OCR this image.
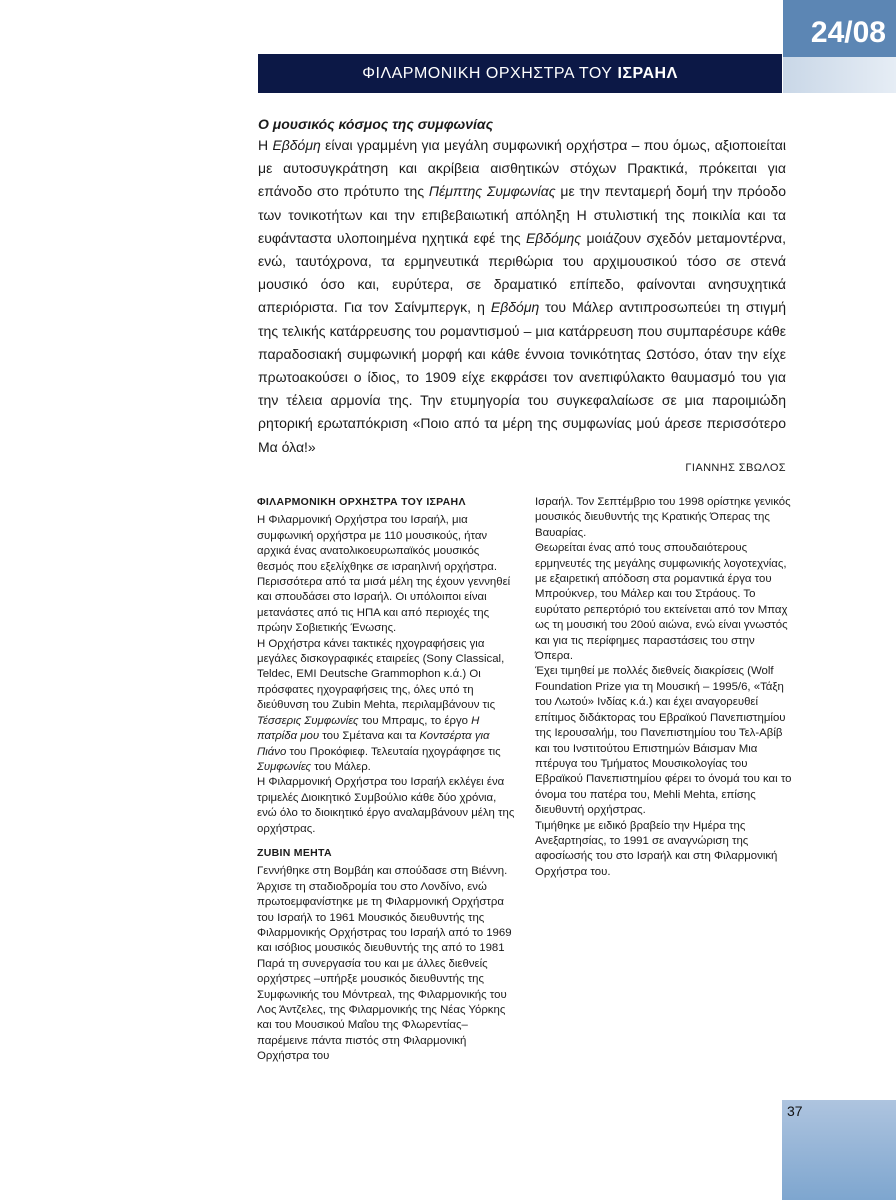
24/08
ΦΙΛΑΡΜΟΝΙΚΗ ΟΡΧΗΣΤΡΑ ΤΟΥ ΙΣΡΑΗΛ
Ο μουσικός κόσμος της συμφωνίας

Η Εβδόμη είναι γραμμένη για μεγάλη συμφωνική ορχήστρα – που όμως, αξιοποιείται με αυτοσυγκράτηση και ακρίβεια αισθητικών στόχων Πρακτικά, πρόκειται για επάνοδο στο πρότυπο της Πέμπτης Συμφωνίας με την πενταμερή δομή την πρόοδο των τονικοτήτων και την επιβεβαιωτική απόληξη Η στυλιστική της ποικιλία και τα ευφάνταστα υλοποιημένα ηχητικά εφέ της Εβδόμης μοιάζουν σχεδόν μεταμοντέρνα, ενώ, ταυτόχρονα, τα ερμηνευτικά περιθώρια του αρχιμουσικού τόσο σε στενά μουσικό όσο και, ευρύτερα, σε δραματικό επίπεδο, φαίνονται ανησυχητικά απεριόριστα. Για τον Σαίνμπεργκ, η Εβδόμη του Μάλερ αντιπροσωπεύει τη στιγμή της τελικής κατάρρευσης του ρομαντισμού – μια κατάρρευση που συμπαρέσυρε κάθε παραδοσιακή συμφωνική μορφή και κάθε έννοια τονικότητας Ωστόσο, όταν την είχε πρωτοακούσει ο ίδιος, το 1909 είχε εκφράσει τον ανεπιφύλακτο θαυμασμό του για την τέλεια αρμονία της. Την ετυμηγορία του συγκεφαλαίωσε σε μια παροιμιώδη ρητορική ερωταπόκριση «Ποιο από τα μέρη της συμφωνίας μού άρεσε περισσότερο Μα όλα!»

ΓΙΑΝΝΗΣ ΣΒΩΛΟΣ
ΦΙΛΑΡΜΟΝΙΚΗ ΟΡΧΗΣΤΡΑ ΤΟΥ ΙΣΡΑΗΛ

Η Φιλαρμονική Ορχήστρα του Ισραήλ, μια συμφωνική ορχήστρα με 110 μουσικούς, ήταν αρχικά ένας ανατολικοευρωπαϊκός μουσικός θεσμός που εξελίχθηκε σε ισραηλινή ορχήστρα. Περισσότερα από τα μισά μέλη της έχουν γεννηθεί και σπουδάσει στο Ισραήλ. Οι υπόλοιποι είναι μετανάστες από τις ΗΠΑ και από περιοχές της πρώην Σοβιετικής Ένωσης.

Η Ορχήστρα κάνει τακτικές ηχογραφήσεις για μεγάλες δισκογραφικές εταιρείες (Sony Classical, Teldec, EMI Deutsche Grammophon κ.ά.) Οι πρόσφατες ηχογραφήσεις της, όλες υπό τη διεύθυνση του Zubin Mehta, περιλαμβάνουν τις Τέσσερις Συμφωνίες του Μπραμς, το έργο Η πατρίδα μου του Σμέτανα και τα Κοντσέρτα για Πιάνο του Προκόφιεφ. Τελευταία ηχογράφησε τις Συμφωνίες του Μάλερ.

Η Φιλαρμονική Ορχήστρα του Ισραήλ εκλέγει ένα τριμελές Διοικητικό Συμβούλιο κάθε δύο χρόνια, ενώ όλο το διοικητικό έργο αναλαμβάνουν μέλη της ορχήστρας.

ZUBIN ΜΕΗΤΑ

Γεννήθηκε στη Βομβάη και σπούδασε στη Βιέννη. Άρχισε τη σταδιοδρομία του στο Λονδίνο, ενώ πρωτοεμφανίστηκε με τη Φιλαρμονική Ορχήστρα του Ισραήλ το 1961 Μουσικός διευθυντής της Φιλαρμονικής Ορχήστρας του Ισραήλ από το 1969 και ισόβιος μουσικός διευθυντής της από το 1981 Παρά τη συνεργασία του και με άλλες διεθνείς ορχήστρες –υπήρξε μουσικός διευθυντής της Συμφωνικής του Μόντρεαλ, της Φιλαρμονικής του Λος Άντζελες, της Φιλαρμονικής της Νέας Υόρκης και του Μουσικού Μαΐου της Φλωρεντίας– παρέμεινε πάντα πιστός στη Φιλαρμονική Ορχήστρα του

Ισραήλ. Τον Σεπτέμβριο του 1998 ορίστηκε γενικός μουσικός διευθυντής της Κρατικής Όπερας της Βαυαρίας.

Θεωρείται ένας από τους σπουδαιότερους ερμηνευτές της μεγάλης συμφωνικής λογοτεχνίας, με εξαιρετική απόδοση στα ρομαντικά έργα του Μπρούκνερ, του Μάλερ και του Στράους. Το ευρύτατο ρεπερτόριό του εκτείνεται από τον Μπαχ ως τη μουσική του 20ού αιώνα, ενώ είναι γνωστός και για τις περίφημες παραστάσεις του στην Όπερα.

Έχει τιμηθεί με πολλές διεθνείς διακρίσεις (Wolf Foundation Prize για τη Μουσική – 1995/6, «Τάξη του Λωτού» Ινδίας κ.ά.) και έχει αναγορευθεί επίτιμος διδάκτορας του Εβραϊκού Πανεπιστημίου της Ιερουσαλήμ, του Πανεπιστημίου του Τελ-Αβίβ και του Ινστιτούτου Επιστημών Βάισμαν Μια πτέρυγα του Τμήματος Μουσικολογίας του Εβραϊκού Πανεπιστημίου φέρει το όνομά του και το όνομα του πατέρα του, Mehli Mehta, επίσης διευθυντή ορχήστρας.

Τιμήθηκε με ειδικό βραβείο την Ημέρα της Ανεξαρτησίας, το 1991 σε αναγνώριση της αφοσίωσής του στο Ισραήλ και στη Φιλαρμονική Ορχήστρα του.

37
